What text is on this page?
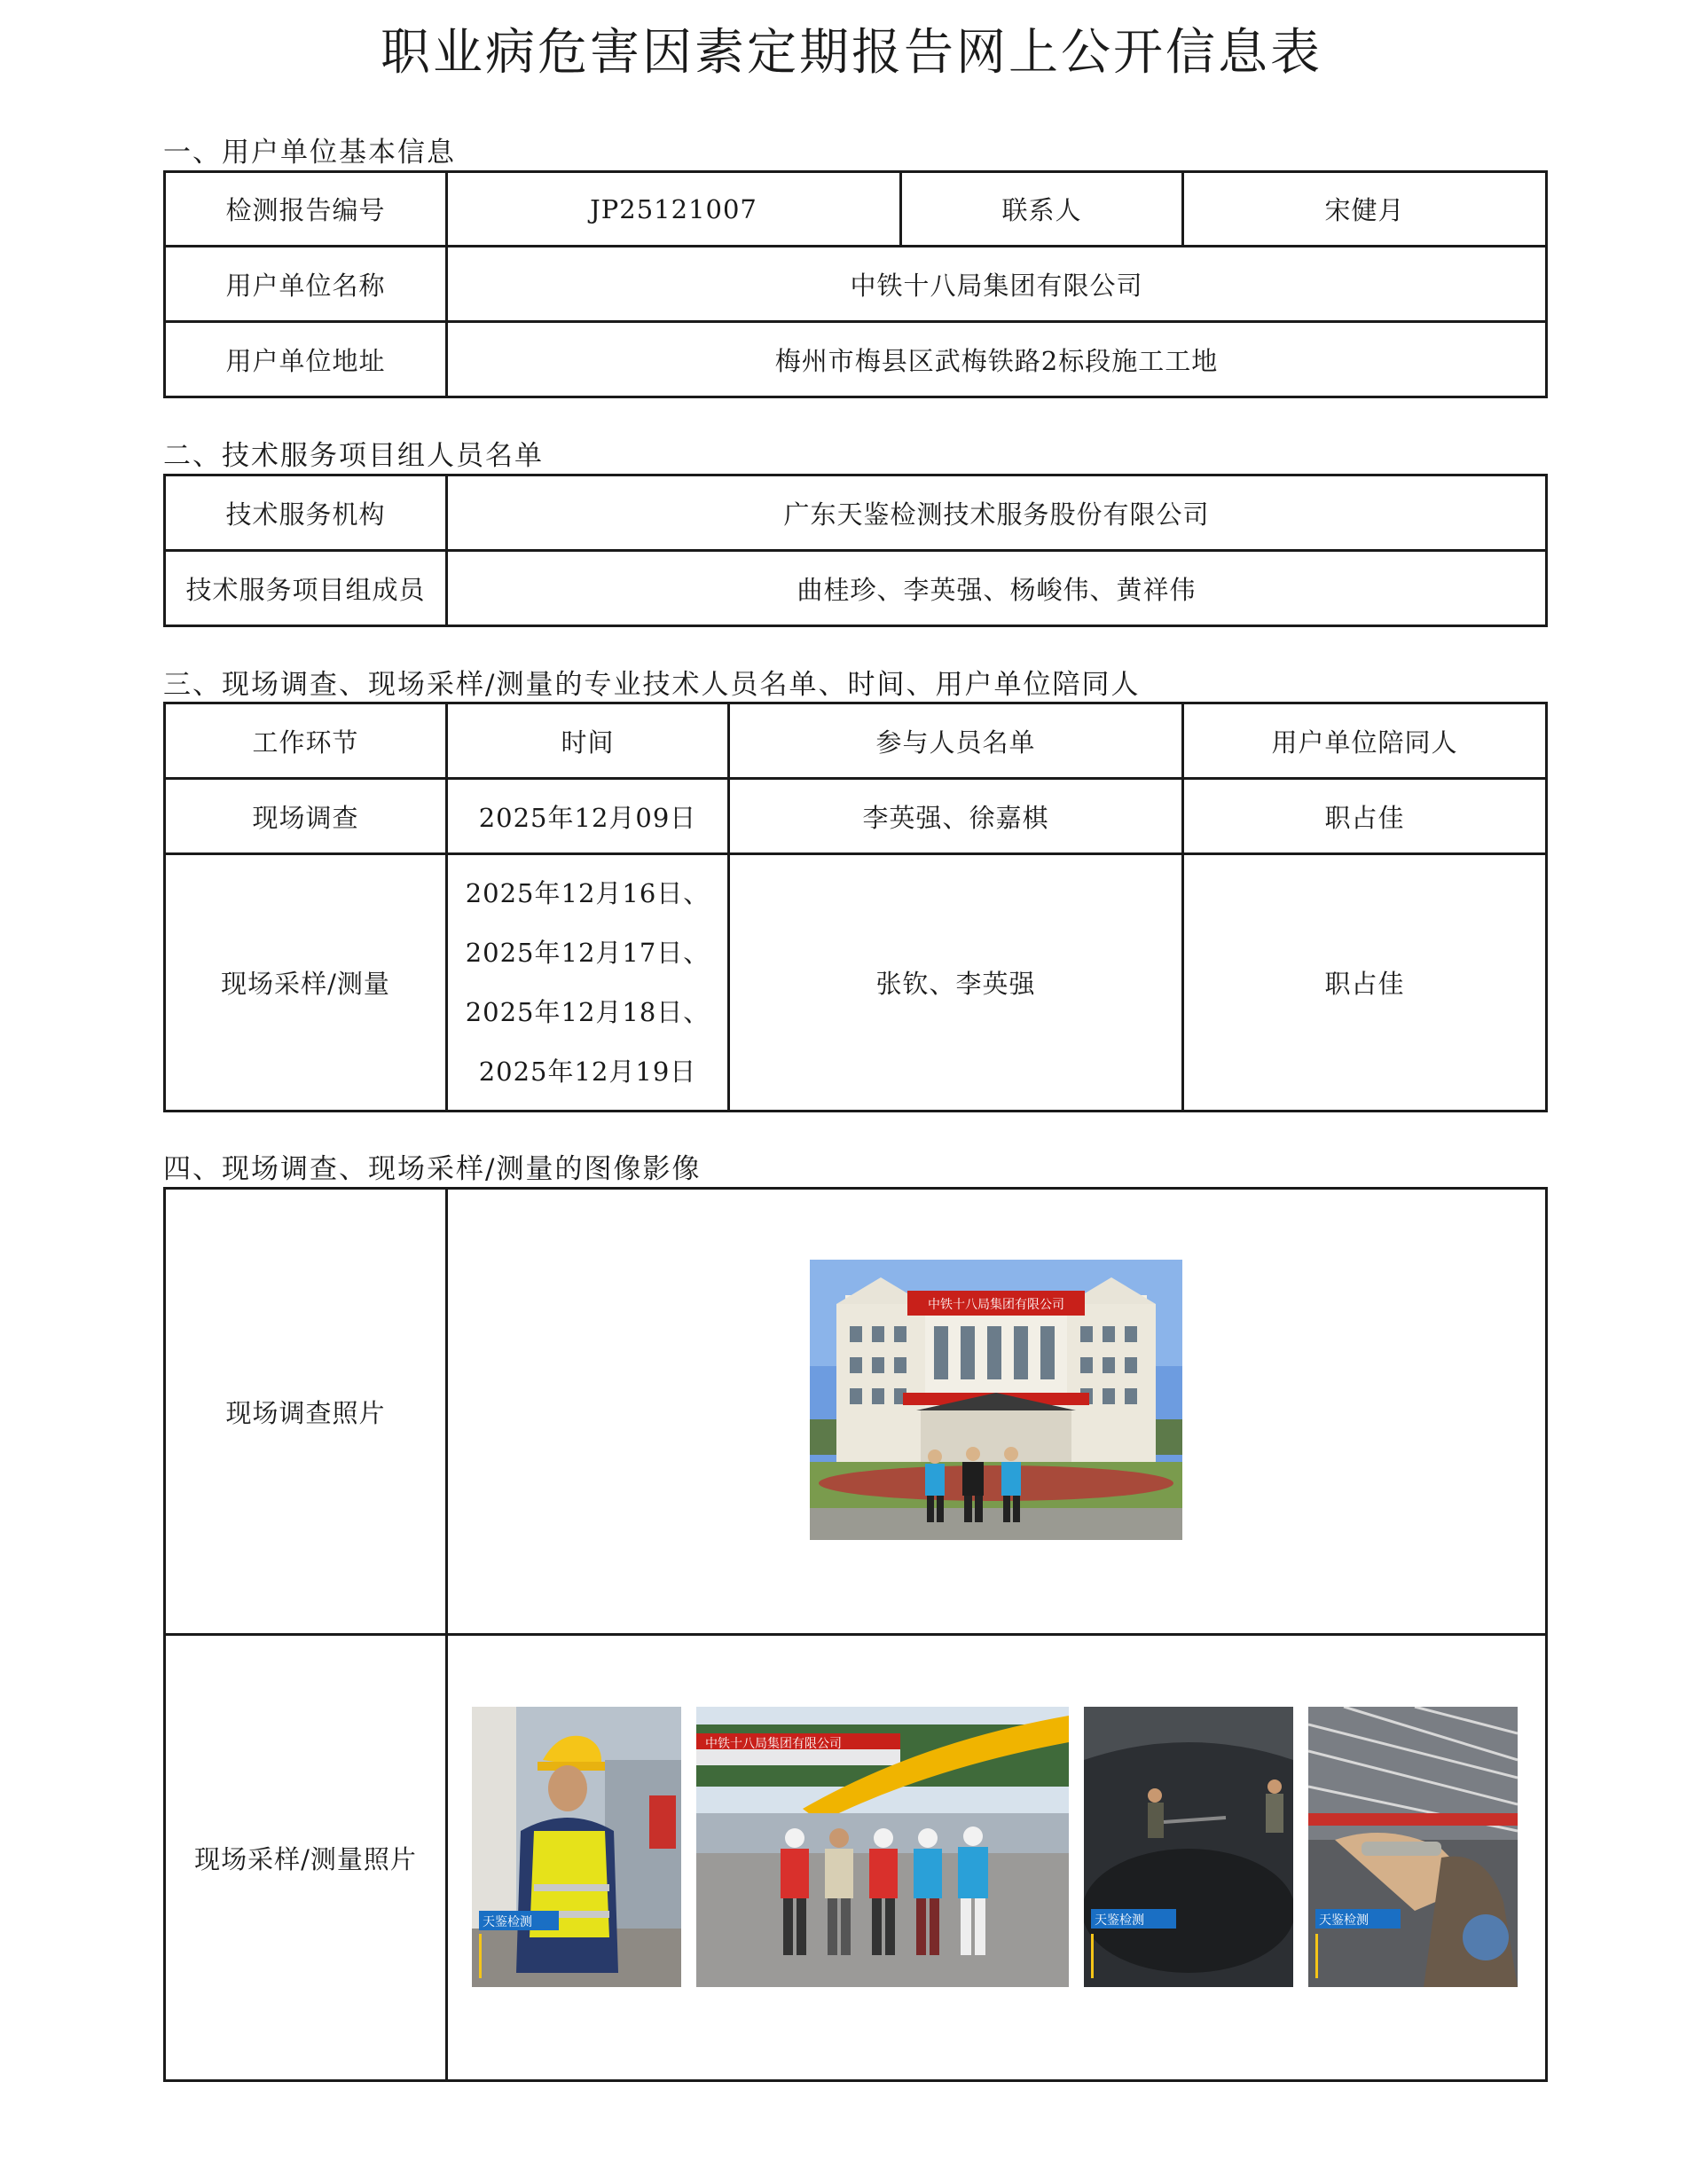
职业病危害因素定期报告网上公开信息表
一、用户单位基本信息
检测报告编号	JP25121007	联系人	宋健月
用户单位名称	中铁十八局集团有限公司		
用户单位地址	梅州市梅县区武梅铁路2标段施工工地		
二、技术服务项目组人员名单
技术服务机构	广东天鉴检测技术服务股份有限公司
技术服务项目组成员	曲桂珍、李英强、杨峻伟、黄祥伟
三、现场调查、现场采样/测量的专业技术人员名单、时间、用户单位陪同人
工作环节	时间	参与人员名单	用户单位陪同人
现场调查	2025年12月09日	李英强、徐嘉棋	职占佳
现场采样/测量	2025年12月16日、
2025年12月17日、
2025年12月18日、
2025年12月19日	张钦、李英强	职占佳
四、现场调查、现场采样/测量的图像影像
现场调查照片	
现场采样/测量照片	
中铁十八局集团有限公司
天鉴检测
中铁十八局集团有限公司
天鉴检测	天鉴检测
